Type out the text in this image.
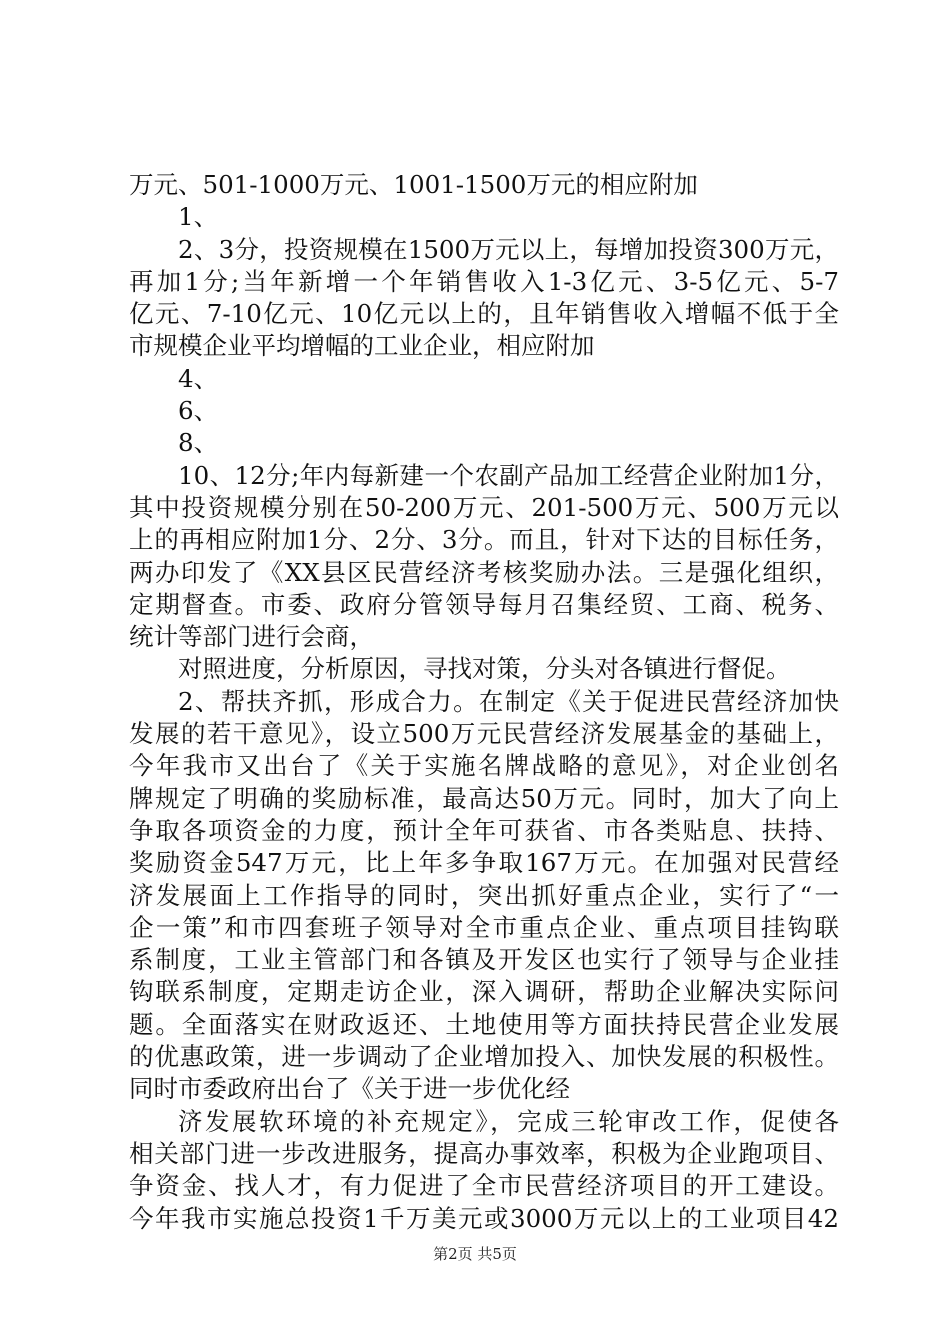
万元、501-1000万元、1001-1500万元的相应附加
1、
2、3分，投资规模在1500万元以上，每增加投资300万元，
再加1分;当年新增一个年销售收入1-3亿元、3-5亿元、5-7
亿元、7-10亿元、10亿元以上的，且年销售收入增幅不低于全
市规模企业平均增幅的工业企业，相应附加
4、
6、
8、
10、12分;年内每新建一个农副产品加工经营企业附加1分，
其中投资规模分别在50-200万元、201-500万元、500万元以
上的再相应附加1分、2分、3分。而且，针对下达的目标任务，
两办印发了《XX县区民营经济考核奖励办法。三是强化组织，
定期督查。市委、政府分管领导每月召集经贸、工商、税务、
统计等部门进行会商，
对照进度，分析原因，寻找对策，分头对各镇进行督促。
2、帮扶齐抓，形成合力。在制定《关于促进民营经济加快
发展的若干意见》，设立500万元民营经济发展基金的基础上，
今年我市又出台了《关于实施名牌战略的意见》，对企业创名
牌规定了明确的奖励标准，最高达50万元。同时，加大了向上
争取各项资金的力度，预计全年可获省、市各类贴息、扶持、
奖励资金547万元，比上年多争取167万元。在加强对民营经
济发展面上工作指导的同时，突出抓好重点企业，实行了“一
企一策”和市四套班子领导对全市重点企业、重点项目挂钩联
系制度，工业主管部门和各镇及开发区也实行了领导与企业挂
钩联系制度，定期走访企业，深入调研，帮助企业解决实际问
题。全面落实在财政返还、土地使用等方面扶持民营企业发展
的优惠政策，进一步调动了企业增加投入、加快发展的积极性。
同时市委政府出台了《关于进一步优化经
济发展软环境的补充规定》，完成三轮审改工作，促使各
相关部门进一步改进服务，提高办事效率，积极为企业跑项目、
争资金、找人才，有力促进了全市民营经济项目的开工建设。
今年我市实施总投资1千万美元或3000万元以上的工业项目42
第2页 共5页
